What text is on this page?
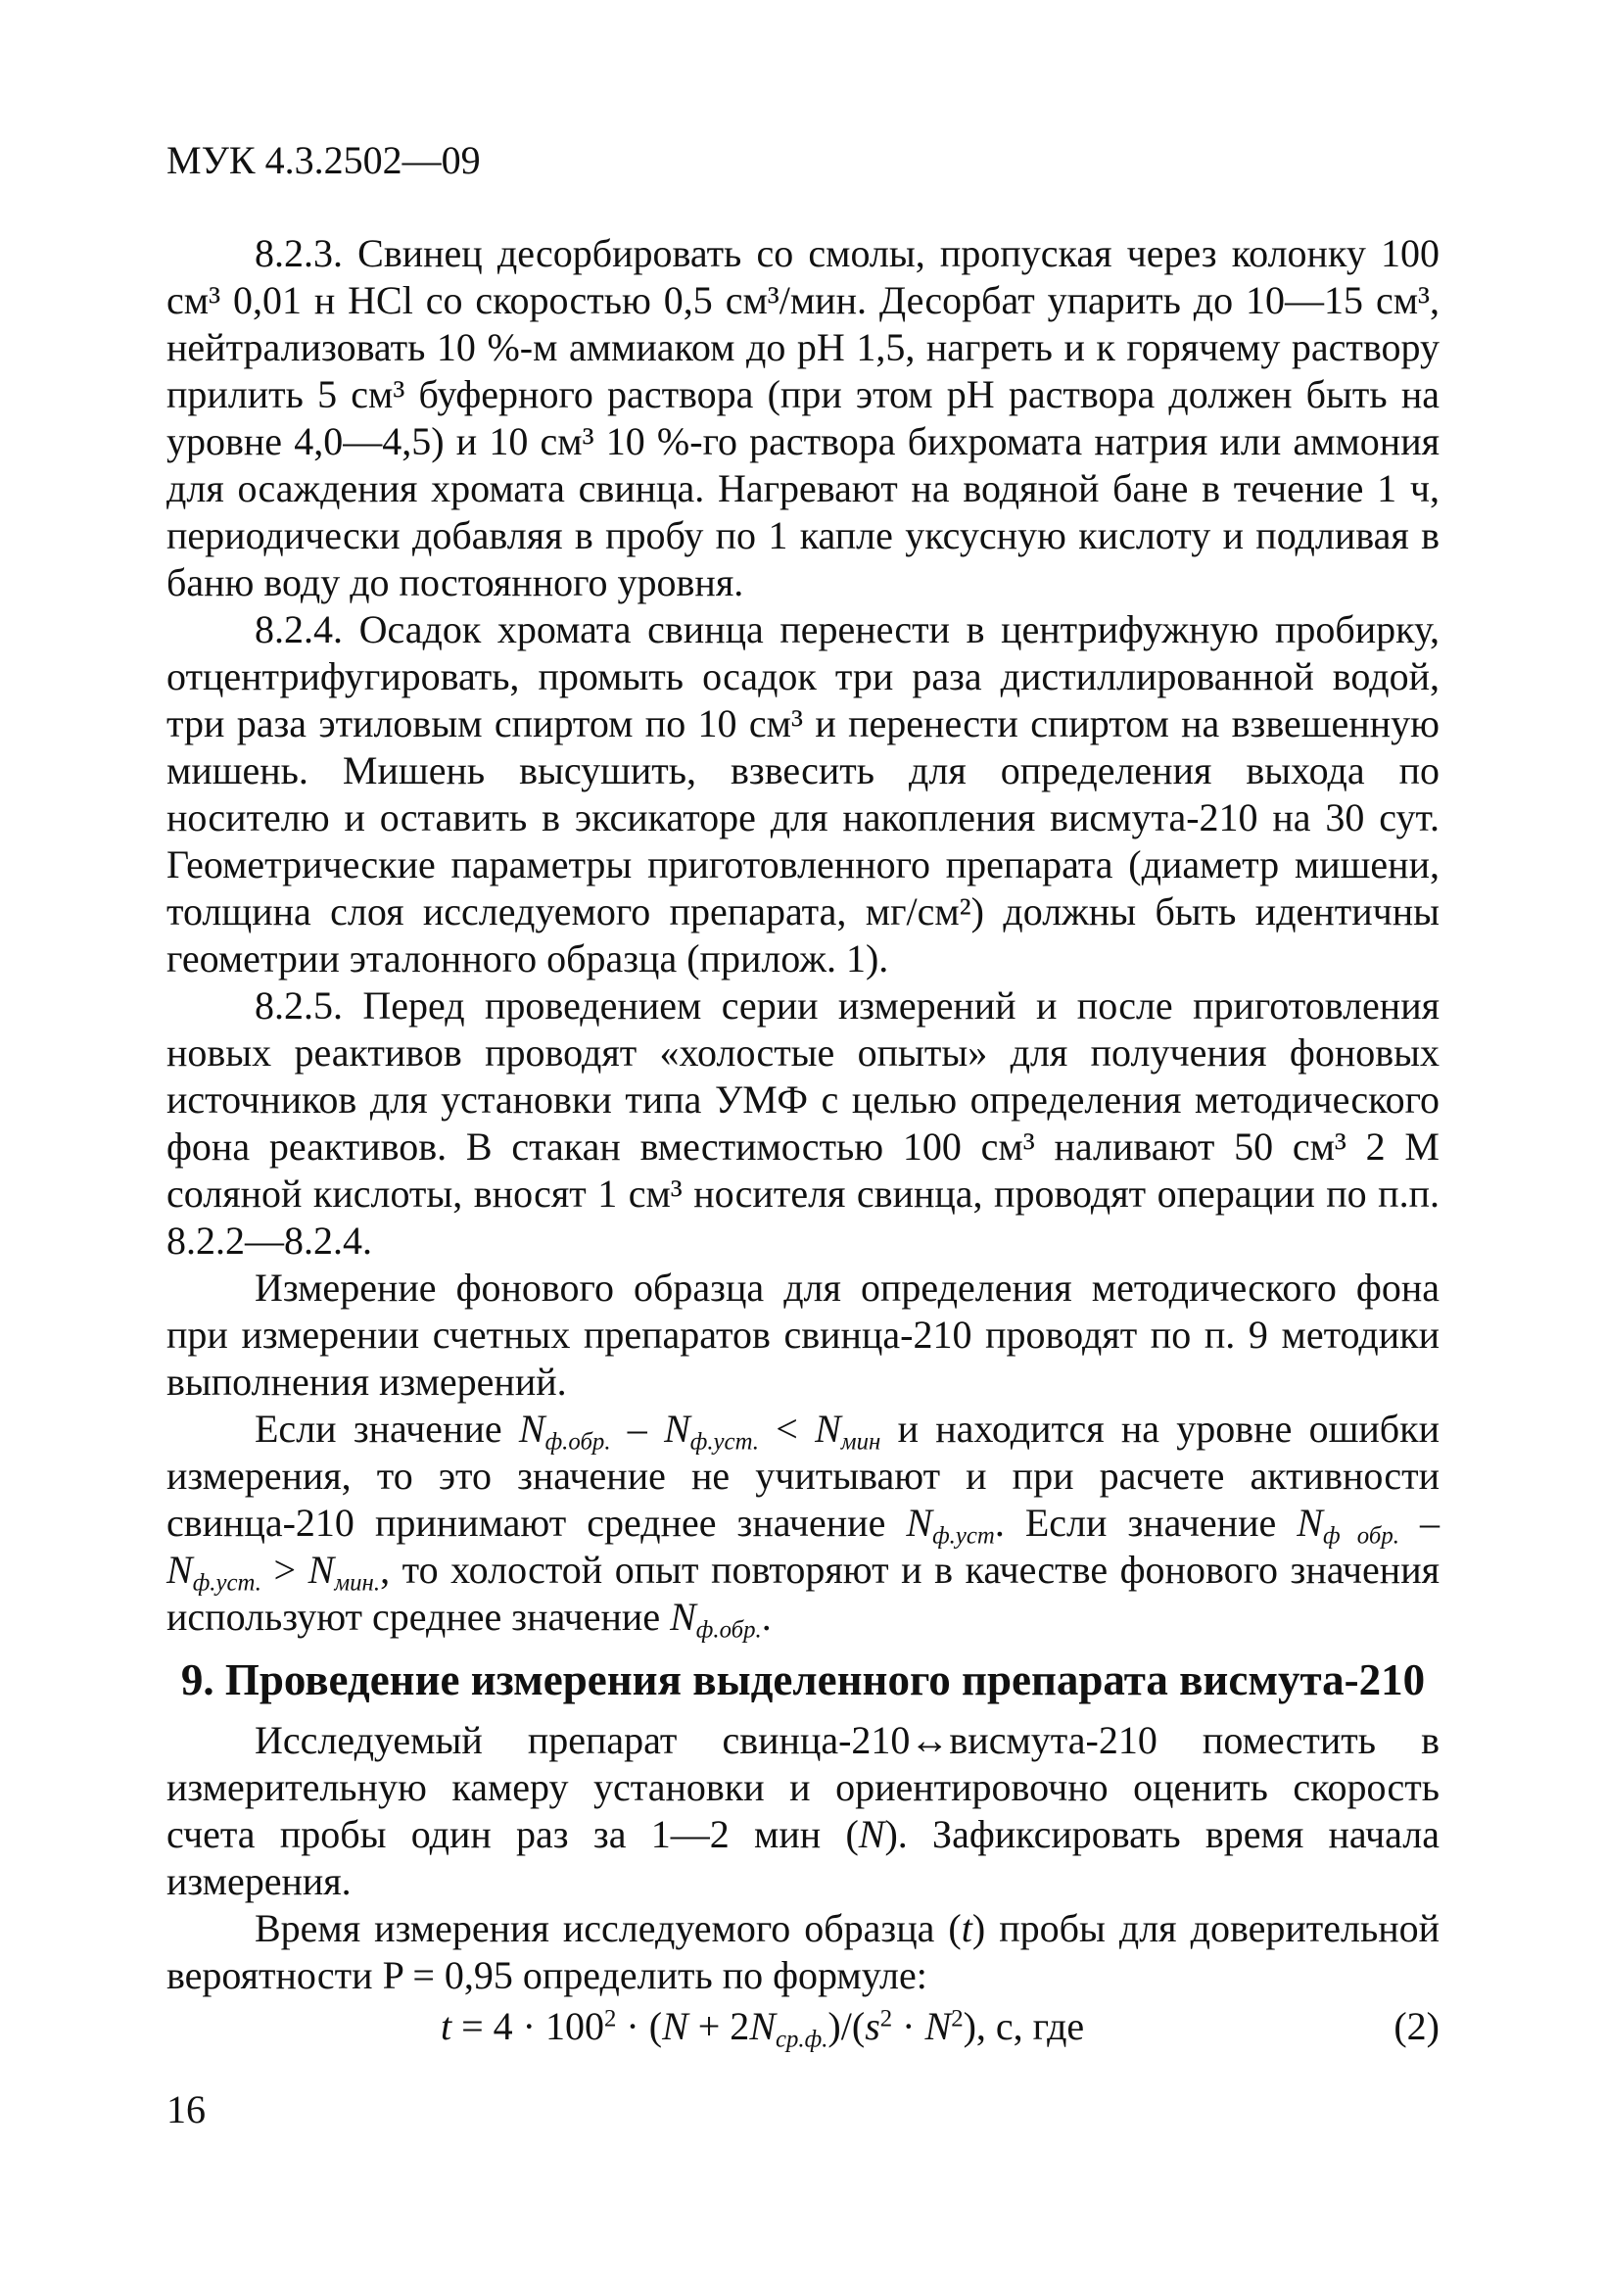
МУК 4.3.2502—09

8.2.3. Свинец десорбировать со смолы, пропуская через колонку 100 см³ 0,01 н HCl со скоростью 0,5 см³/мин. Десорбат упарить до 10—15 см³, нейтрализовать 10 %-м аммиаком до pH 1,5, нагреть и к горячему раствору прилить 5 см³ буферного раствора (при этом pH раствора должен быть на уровне 4,0—4,5) и 10 см³ 10 %-го раствора бихромата натрия или аммония для осаждения хромата свинца. Нагревают на водяной бане в течение 1 ч, периодически добавляя в пробу по 1 капле уксусную кислоту и подливая в баню воду до постоянного уровня.

8.2.4. Осадок хромата свинца перенести в центрифужную пробирку, отцентрифугировать, промыть осадок три раза дистиллированной водой, три раза этиловым спиртом по 10 см³ и перенести спиртом на взвешенную мишень. Мишень высушить, взвесить для определения выхода по носителю и оставить в эксикаторе для накопления висмута-210 на 30 сут. Геометрические параметры приготовленного препарата (диаметр мишени, толщина слоя исследуемого препарата, мг/см²) должны быть идентичны геометрии эталонного образца (прилож. 1).

8.2.5. Перед проведением серии измерений и после приготовления новых реактивов проводят «холостые опыты» для получения фоновых источников для установки типа УМФ с целью определения методического фона реактивов. В стакан вместимостью 100 см³ наливают 50 см³ 2 М соляной кислоты, вносят 1 см³ носителя свинца, проводят операции по п.п. 8.2.2—8.2.4.

Измерение фонового образца для определения методического фона при измерении счетных препаратов свинца-210 проводят по п. 9 методики выполнения измерений.

Если значение $N_{ф.обр.} - N_{ф.уст.} < N_{мин}$ и находится на уровне ошибки измерения, то это значение не учитывают и при расчете активности свинца-210 принимают среднее значение $N_{ф.уст}$. Если значение $N_{ф обр.} - N_{ф.уст.} > N_{мин.}$, то холостой опыт повторяют и в качестве фонового значения используют среднее значение $N_{ф.обр.}$.

9. Проведение измерения выделенного препарата висмута-210

Исследуемый препарат свинца-210↔висмута-210 поместить в измерительную камеру установки и ориентировочно оценить скорость счета пробы один раз за 1—2 мин (N). Зафиксировать время начала измерения.

Время измерения исследуемого образца (t) пробы для доверительной вероятности P = 0,95 определить по формуле:

$t = 4 \cdot 100^2 \cdot (N + 2N_{ср.ф.})/(s^2 \cdot N^2)$, с, где	(2)
16
